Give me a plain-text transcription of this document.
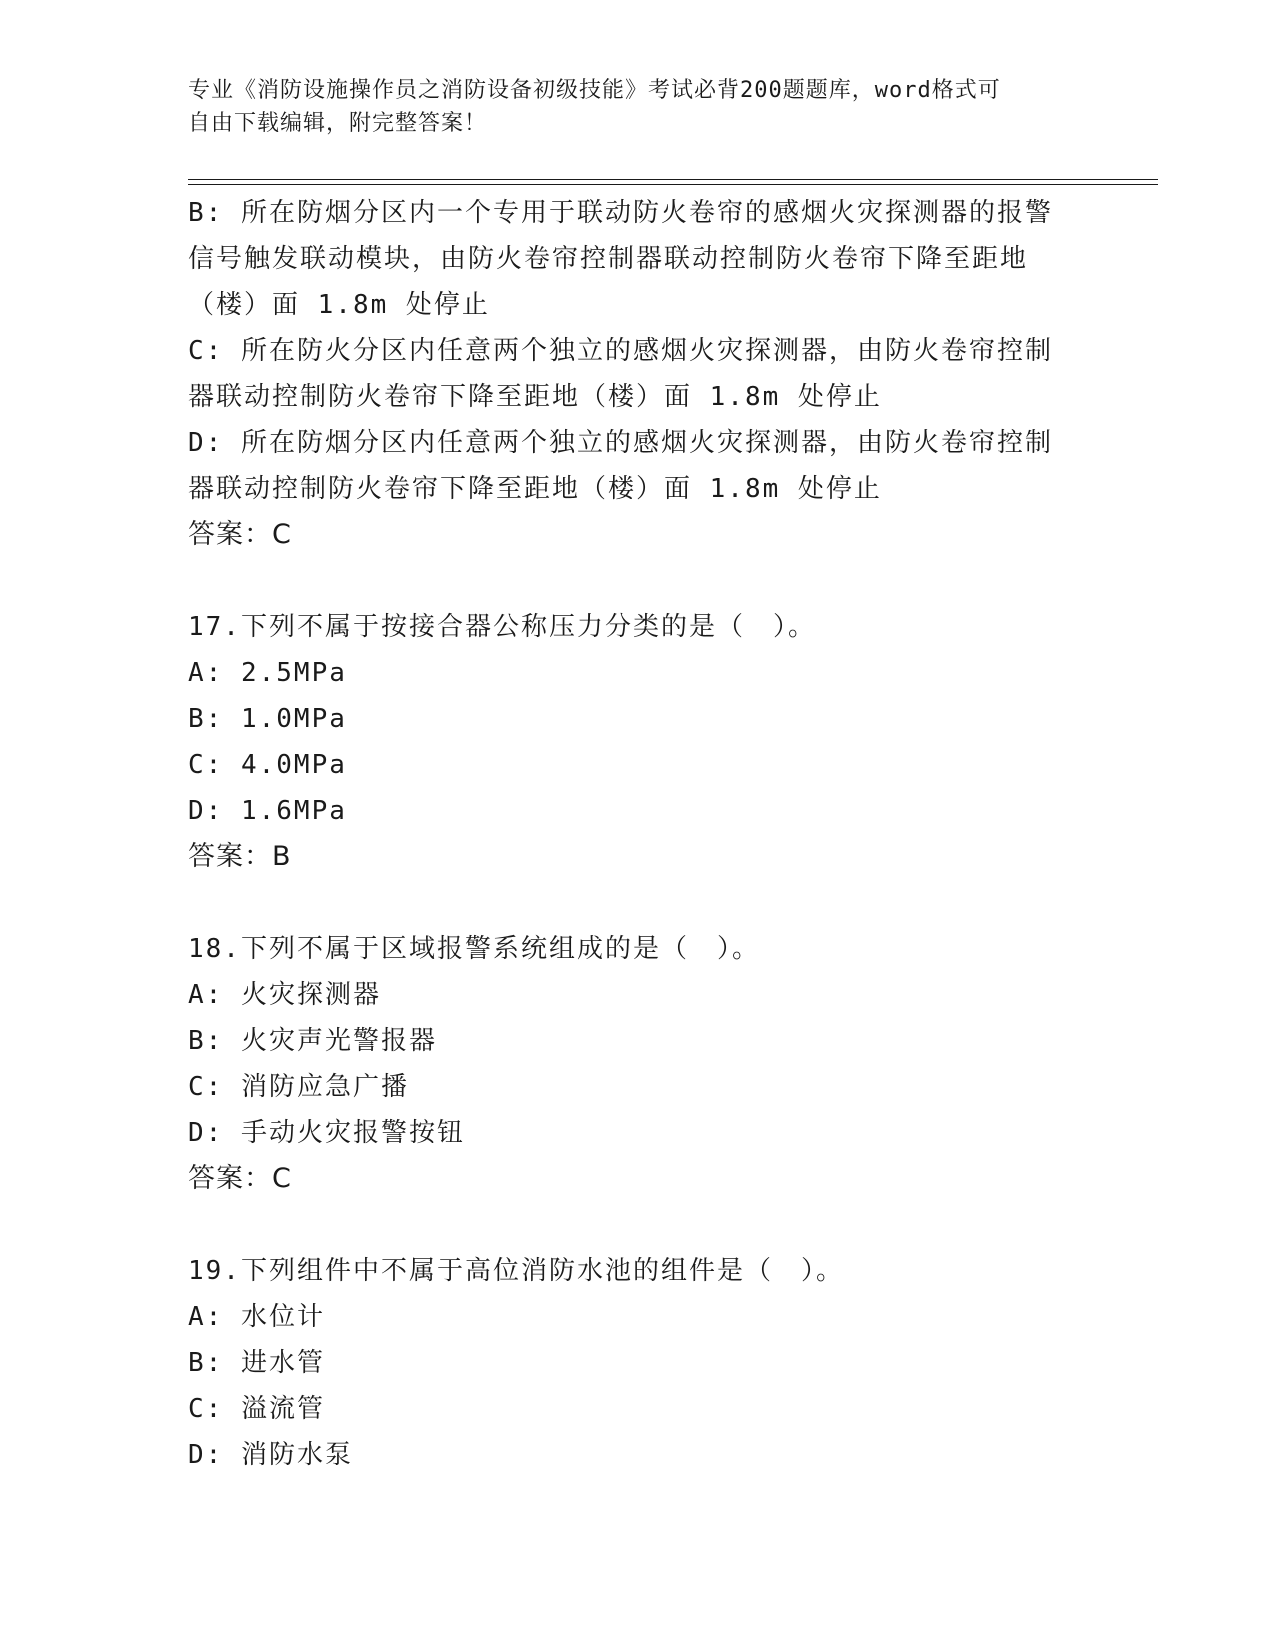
专业《消防设施操作员之消防设备初级技能》考试必背200题题库，word格式可
自由下载编辑，附完整答案！
B: 所在防烟分区内一个专用于联动防火卷帘的感烟火灾探测器的报警
信号触发联动模块，由防火卷帘控制器联动控制防火卷帘下降至距地
（楼）面 1.8m 处停止
C: 所在防火分区内任意两个独立的感烟火灾探测器，由防火卷帘控制
器联动控制防火卷帘下降至距地（楼）面 1.8m 处停止
D: 所在防烟分区内任意两个独立的感烟火灾探测器，由防火卷帘控制
器联动控制防火卷帘下降至距地（楼）面 1.8m 处停止
答案：C
17.下列不属于按接合器公称压力分类的是（　）。
A: 2.5MPa
B: 1.0MPa
C: 4.0MPa
D: 1.6MPa
答案：B
18.下列不属于区域报警系统组成的是（　）。
A: 火灾探测器
B: 火灾声光警报器
C: 消防应急广播
D: 手动火灾报警按钮
答案：C
19.下列组件中不属于高位消防水池的组件是（　）。
A: 水位计
B: 进水管
C: 溢流管
D: 消防水泵
